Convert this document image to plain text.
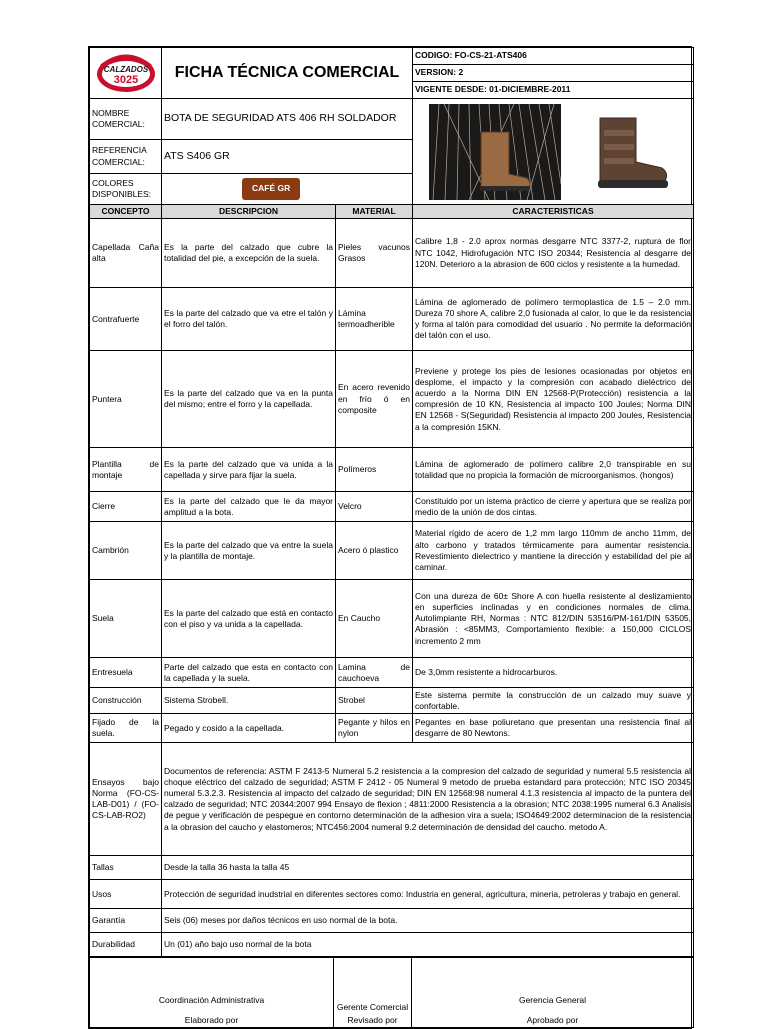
CALZADOS
3025	FICHA TÉCNICA COMERCIAL		CODIGO: FO-CS-21-ATS406
			VERSION: 2
			VIGENTE DESDE: 01-DICIEMBRE-2011
NOMBRE COMERCIAL:	BOTA DE SEGURIDAD ATS 406 RH SOLDADOR	

REFERENCIA COMERCIAL:	ATS S406 GR		
COLORES DISPONIBLES:	CAFÉ GR		
CONCEPTO	DESCRIPCION	MATERIAL	CARACTERISTICAS
Capellada Caña alta	Es la parte del calzado que cubre la totalidad del pie, a excepción de la suela.	Pieles vacunos Grasos	Calibre 1,8 - 2.0 aprox normas desgarre NTC 3377-2, ruptura de flor NTC 1042, Hidrofugación NTC ISO 20344; Resistencia al desgarre de 120N. Deterioro a la abrasion de 600 ciclos y resistente a la humedad.
Contrafuerte	Es la parte del calzado que va etre el talón y el forro del talón.	Lámina termoadherible	Lámina de aglomerado de polímero termoplastica de 1.5 – 2.0 mm. Dureza 70 shore A, calibre 2,0 fusionada al calor, lo que le da resistencia y forma al talón para comodidad del usuario . No permite la deformación del talón con el uso.
Puntera	Es la parte del calzado que va en la punta del mismo; entre el forro y la capellada.	En acero revenido en frío ó en composite	Previene y protege los pies de lesiones ocasionadas por objetos en desplome, el impacto y la compresión con acabado dieléctrico de acuerdo a la Norma DIN EN 12568-P(Protección) resistencia a la compresión de 10 KN, Resistencia al impacto 100 Joules; Norma DIN EN 12568 - S(Seguridad) Resistencia al impacto 200 Joules, Resistencia a la compresión 15KN.
Plantilla de montaje	Es la parte del calzado que va unida a la capellada y sirve para fijar la suela.	Polímeros	Lámina de aglomerado de polímero calibre 2,0 transpirable en su totalidad que no propicia la formación de microorganismos. (hongos)
Cierre	Es la parte del calzado que le da mayor amplitud a la bota.	Velcro	Constituido por un istema práctico de cierre y apertura que se realiza por medio de la unión de dos cintas.
Cambrión	Es la parte del calzado que va entre la suela y la plantilla de montaje.	Acero ó plastico	Material rígido de acero de 1,2 mm largo 110mm de ancho 11mm, de alto carbono y tratados térmicamente para aumentar resistencia. Revestimiento dielectrico y mantiene la dirección y estabilidad del pie al caminar.
Suela	Es la parte del calzado que está en contacto con el piso y va unida a la capellada.	En Caucho	Con una dureza de 60± Shore A con huella resistente al deslizamiento en superficies inclinadas y en condiciones normales de clima. Autolimpiante RH, Normas : NTC 812/DIN 53516/PM-161/DIN 53505, Abrasión : <85MM3, Comportamiento flexible: a 150,000 CICLOS incremento 2 mm
Entresuela	Parte del calzado que esta en contacto con la capellada y la suela.	Lamina de cauchoeva	De 3,0mm resistente a hidrocarburos.
Construcción	Sistema Strobell.	Strobel	Este sistema permite la construcción de un calzado muy suave y confortable.
Fijado de la suela.	Pegado y cosido a la capellada.	Pegante y hilos en nylon	Pegantes en base poliuretano que presentan una resistencia final al desgarre de 80 Newtons.
Ensayos bajo Norma (FO-CS-LAB-D01) / (FO-CS-LAB-RO2)	Documentos de referencia: ASTM F 2413-5 Numeral 5.2 resistencia a la compresion del calzado de seguridad y numeral 5.5 resistencia al choque eléctrico del calzado de seguridad; ASTM F 2412 - 05 Numeral 9 metodo de prueba estandard para protección; NTC ISO 20345 numeral 5.3.2.3. Resistencia al impacto del calzado de seguridad; DIN EN 12568:98 numeral 4.1.3 resistencia al impacto de la puntera del calzado de seguridad; NTC 20344:2007 994 Ensayo de flexion ; 4811:2000 Resistencia a la obrasion; NTC 2038:1995 numeral 6.3 Analisis de pegue y verificación de pespegue en contorno determinación de la adhesion vira a suela; ISO4649:2002 determinacion de la resistencia a la obrasion del caucho y elastomeros; NTC456:2004 numeral 9.2 determinación de densidad del caucho. metodo A.		
Tallas	Desde la talla 36 hasta la talla 45		
Usos	Protección de seguridad inudstrial en diferentes sectores como: Industria en general, agricultura, mineria, petroleras y trabajo en general.		
Garantía	Seis (06) meses por daños técnicos en uso normal de la bota.		
Durabilidad	Un (01) año bajo uso normal de la bota		
Coordinación Administrativa
Elaborado por

Gerente Comercial
Revisado por

Gerencia General
Aprobado por
